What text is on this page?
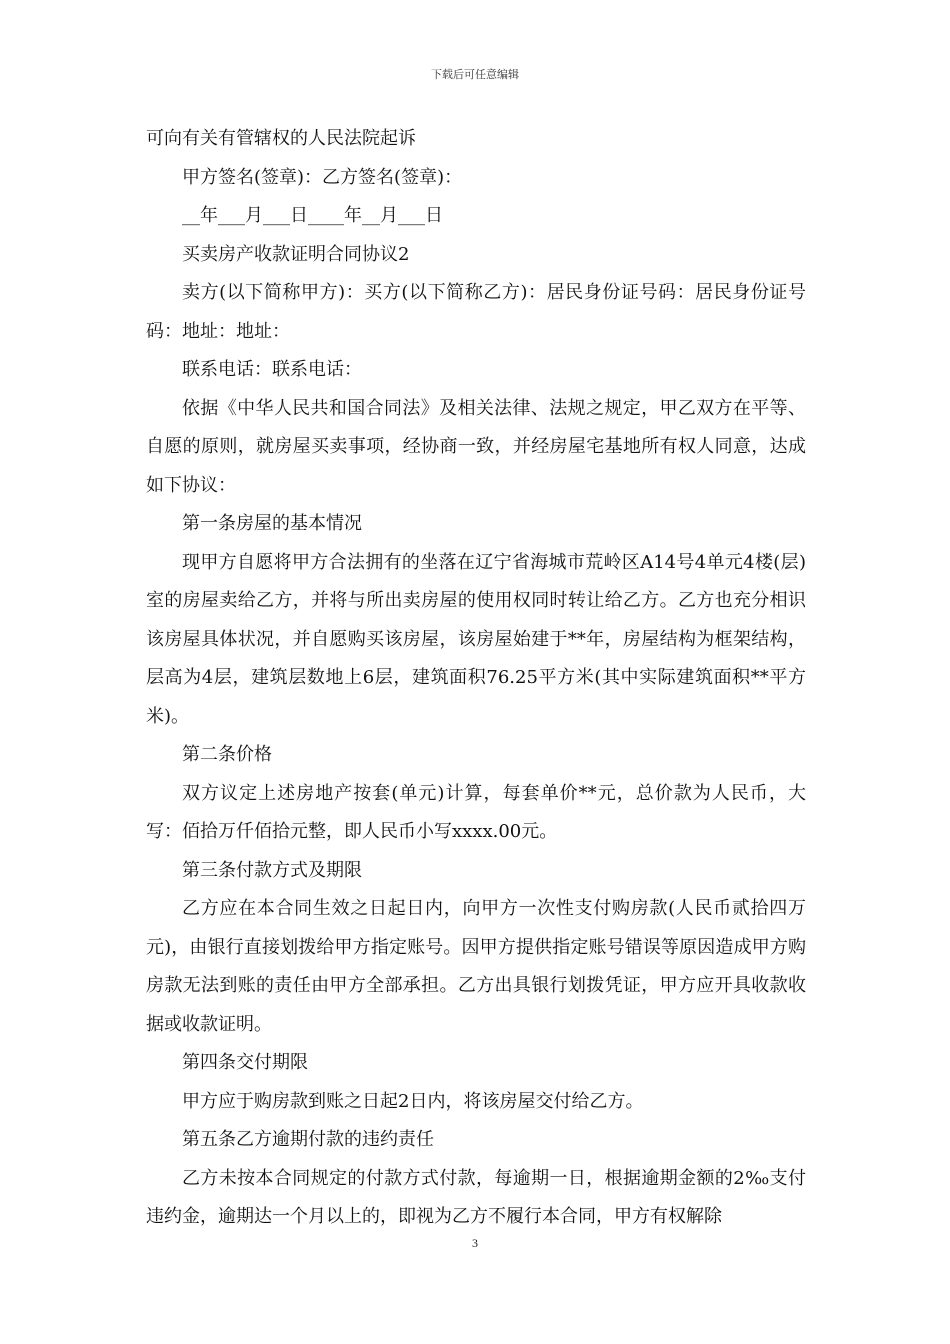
下载后可任意编辑

可向有关有管辖权的人民法院起诉

甲方签名(签章)：乙方签名(签章)：

__年___月___日____年__月___日

买卖房产收款证明合同协议2

卖方(以下简称甲方)：买方(以下简称乙方)：居民身份证号码：居民身份证号码：地址：地址：

联系电话：联系电话：

依据《中华人民共和国合同法》及相关法律、法规之规定，甲乙双方在平等、自愿的原则，就房屋买卖事项，经协商一致，并经房屋宅基地所有权人同意，达成如下协议：

第一条房屋的基本情况

现甲方自愿将甲方合法拥有的坐落在辽宁省海城市荒岭区A14号4单元4楼(层)室的房屋卖给乙方，并将与所出卖房屋的使用权同时转让给乙方。乙方也充分相识该房屋具体状况，并自愿购买该房屋，该房屋始建于**年，房屋结构为框架结构，层高为4层，建筑层数地上6层，建筑面积76.25平方米(其中实际建筑面积**平方米)。

第二条价格

双方议定上述房地产按套(单元)计算，每套单价**元，总价款为人民币，大写：佰拾万仟佰拾元整，即人民币小写xxxx.00元。

第三条付款方式及期限

乙方应在本合同生效之日起日内，向甲方一次性支付购房款(人民币贰拾四万元)，由银行直接划拨给甲方指定账号。因甲方提供指定账号错误等原因造成甲方购房款无法到账的责任由甲方全部承担。乙方出具银行划拨凭证，甲方应开具收款收据或收款证明。

第四条交付期限

甲方应于购房款到账之日起2日内，将该房屋交付给乙方。

第五条乙方逾期付款的违约责任

乙方未按本合同规定的付款方式付款，每逾期一日，根据逾期金额的2‰支付违约金，逾期达一个月以上的，即视为乙方不履行本合同，甲方有权解除

3
